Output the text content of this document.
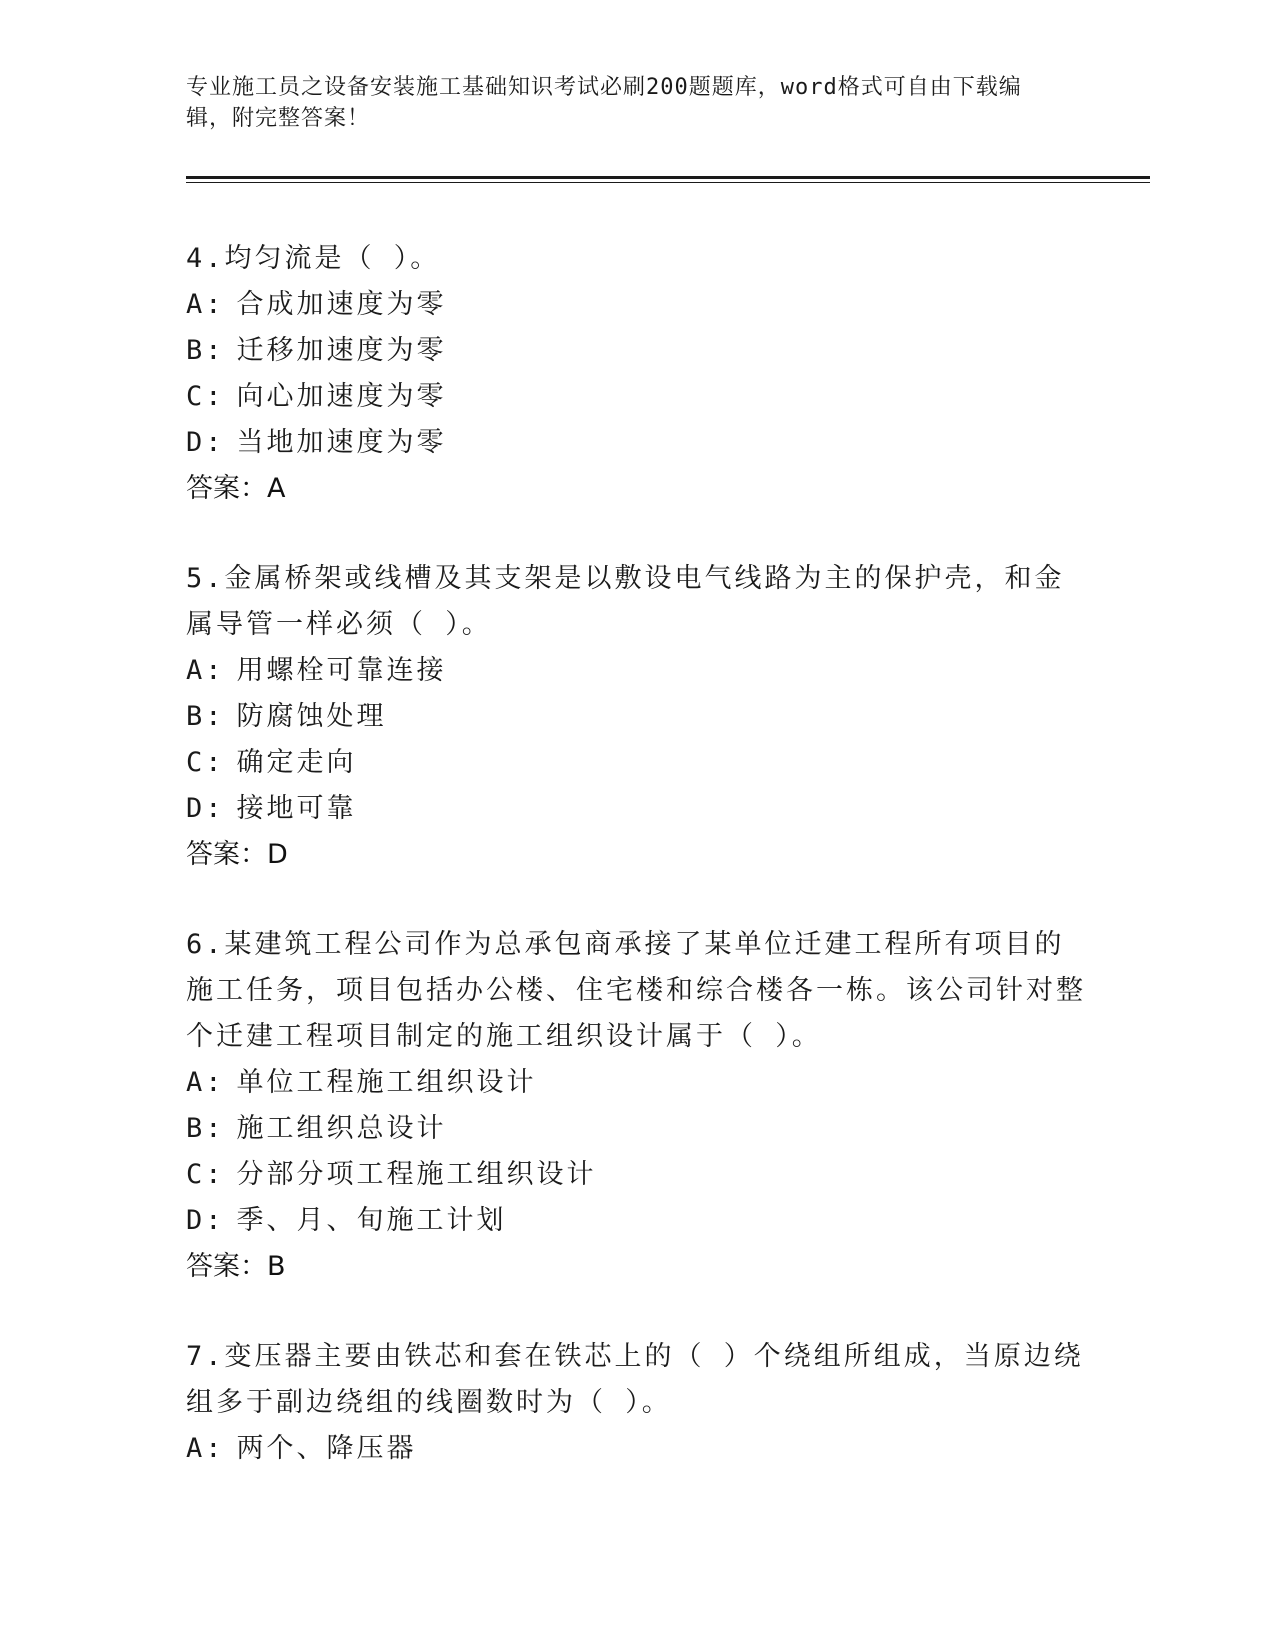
专业施工员之设备安装施工基础知识考试必刷200题题库，word格式可自由下载编辑，附完整答案！

4.均匀流是（ ）。

A: 合成加速度为零

B: 迁移加速度为零

C: 向心加速度为零

D: 当地加速度为零

答案：A

5.金属桥架或线槽及其支架是以敷设电气线路为主的保护壳，和金属导管一样必须（ ）。

A: 用螺栓可靠连接

B: 防腐蚀处理

C: 确定走向

D: 接地可靠

答案：D

6.某建筑工程公司作为总承包商承接了某单位迁建工程所有项目的施工任务，项目包括办公楼、住宅楼和综合楼各一栋。该公司针对整个迁建工程项目制定的施工组织设计属于（ ）。

A: 单位工程施工组织设计

B: 施工组织总设计

C: 分部分项工程施工组织设计

D: 季、月、旬施工计划

答案：B

7.变压器主要由铁芯和套在铁芯上的（ ）个绕组所组成，当原边绕组多于副边绕组的线圈数时为（ ）。

A: 两个、降压器
